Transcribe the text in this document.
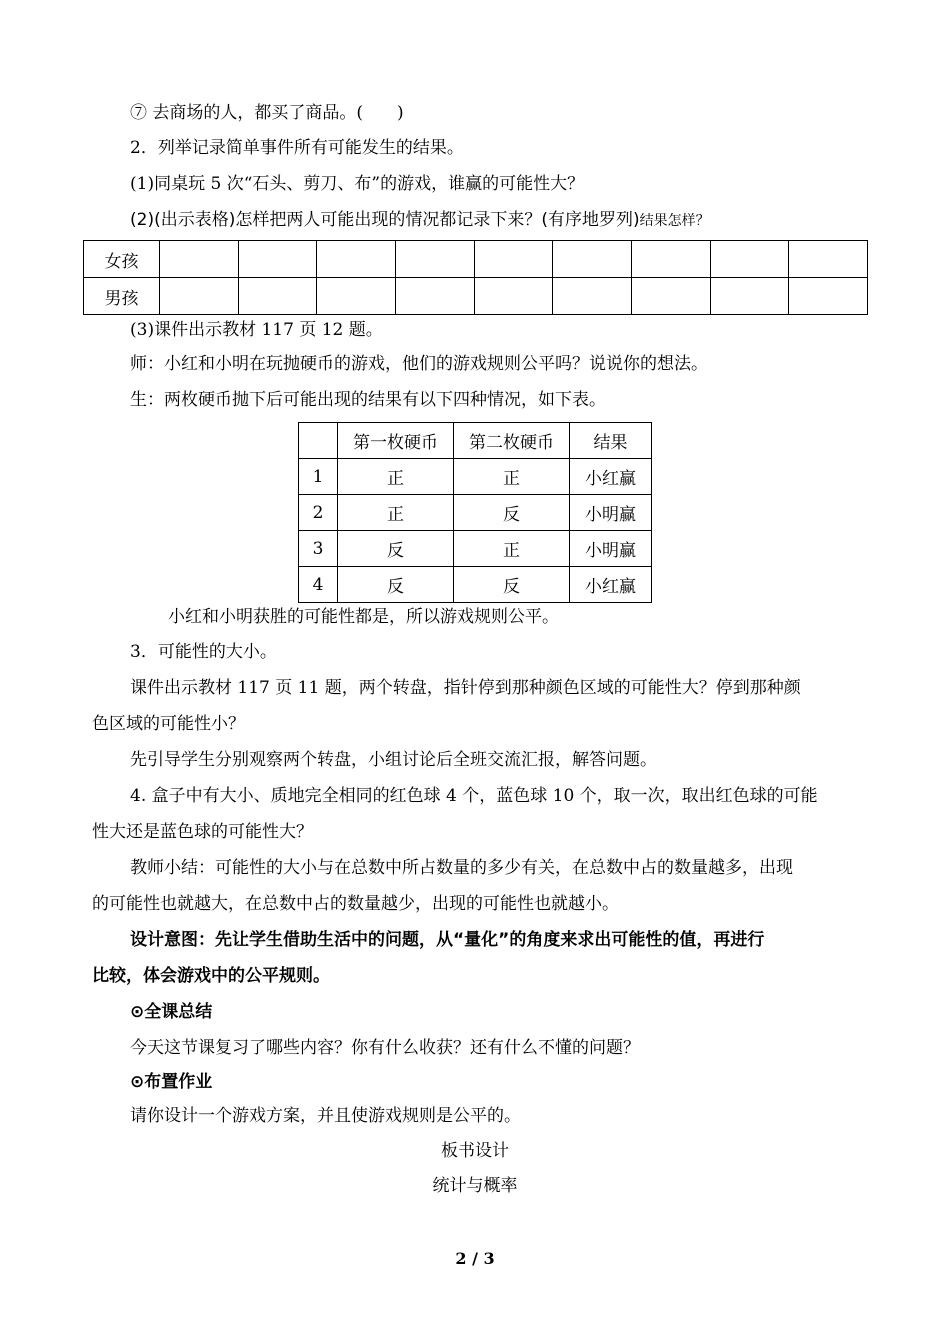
⑦ 去商场的人，都买了商品。(　　)
2．列举记录简单事件所有可能发生的结果。
(1)同桌玩 5 次“石头、剪刀、布”的游戏，谁赢的可能性大？
(2)(出示表格)怎样把两人可能出现的情况都记录下来？(有序地罗列)结果怎样？
女孩									
男孩									
(3)课件出示教材 117 页 12 题。
师：小红和小明在玩抛硬币的游戏，他们的游戏规则公平吗？说说你的想法。
生：两枚硬币抛下后可能出现的结果有以下四种情况，如下表。
	第一枚硬币	第二枚硬币	结果
1	正	正	小红赢
2	正	反	小明赢
3	反	正	小明赢
4	反	反	小红赢
小红和小明获胜的可能性都是，所以游戏规则公平。
3．可能性的大小。
课件出示教材 117 页 11 题，两个转盘，指针停到那种颜色区域的可能性大？停到那种颜
色区域的可能性小？
先引导学生分别观察两个转盘，小组讨论后全班交流汇报，解答问题。
4. 盒子中有大小、质地完全相同的红色球 4 个，蓝色球 10 个，取一次，取出红色球的可能
性大还是蓝色球的可能性大？
教师小结：可能性的大小与在总数中所占数量的多少有关，在总数中占的数量越多，出现
的可能性也就越大，在总数中占的数量越少，出现的可能性也就越小。
设计意图：先让学生借助生活中的问题，从“量化”的角度来求出可能性的值，再进行
比较，体会游戏中的公平规则。
⊙全课总结
今天这节课复习了哪些内容？你有什么收获？还有什么不懂的问题？
⊙布置作业
请你设计一个游戏方案，并且使游戏规则是公平的。
板书设计
统计与概率
2 / 3
